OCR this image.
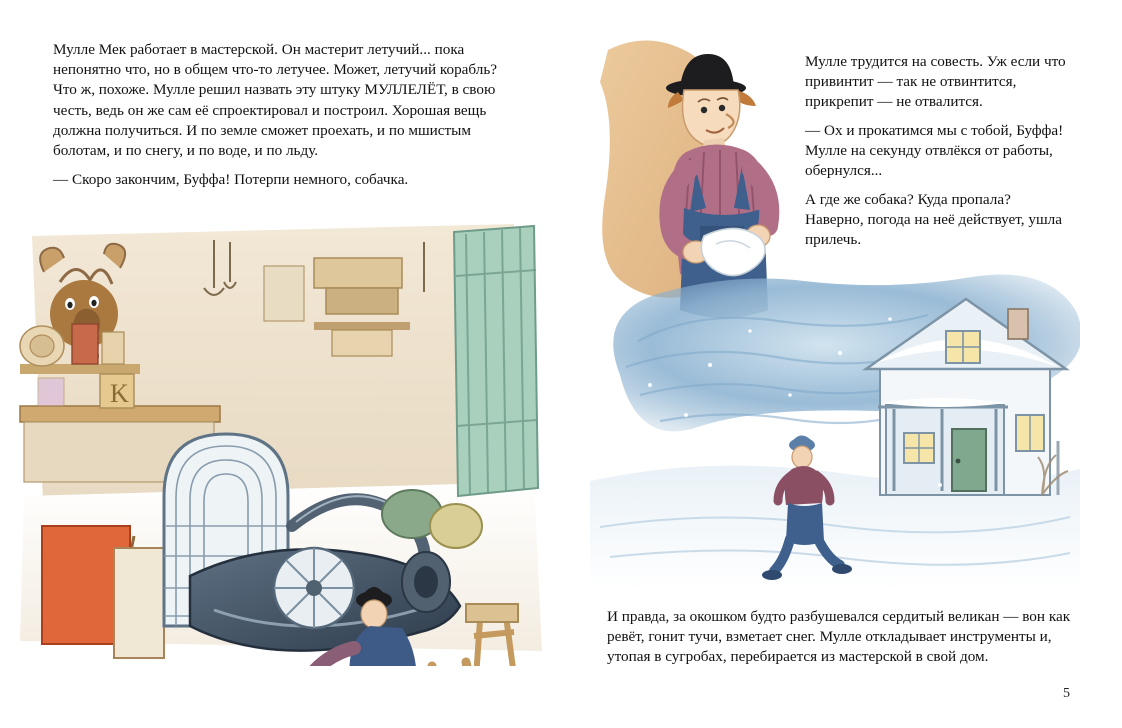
Мулле Мек работает в мастерской. Он мастерит летучий... пока непонятно что, но в общем что-то летучее. Может, летучий корабль? Что ж, похоже. Мулле решил назвать эту штуку МУЛЛЕЛЁТ, в свою честь, ведь он же сам её спроектировал и построил. Хорошая вещь должна получиться. И по земле сможет проехать, и по мшистым болотам, и по снегу, и по воде, и по льду.

— Скоро закончим, Буффа! Потерпи немного, собачка.

K

Мулле трудится на совесть. Уж если что привинтит — так не отвинтится, прикрепит — не отвалится.

— Ох и прокатимся мы с тобой, Буффа! Мулле на секунду отвлёкся от работы, обернулся...

А где же собака? Куда пропала? Наверно, погода на неё действует, ушла прилечь.

И правда, за окошком будто разбушевался сердитый великан — вон как ревёт, гонит тучи, взметает снег. Мулле откладывает инструменты и, утопая в сугробах, перебирается из мастерской в свой дом.

5
